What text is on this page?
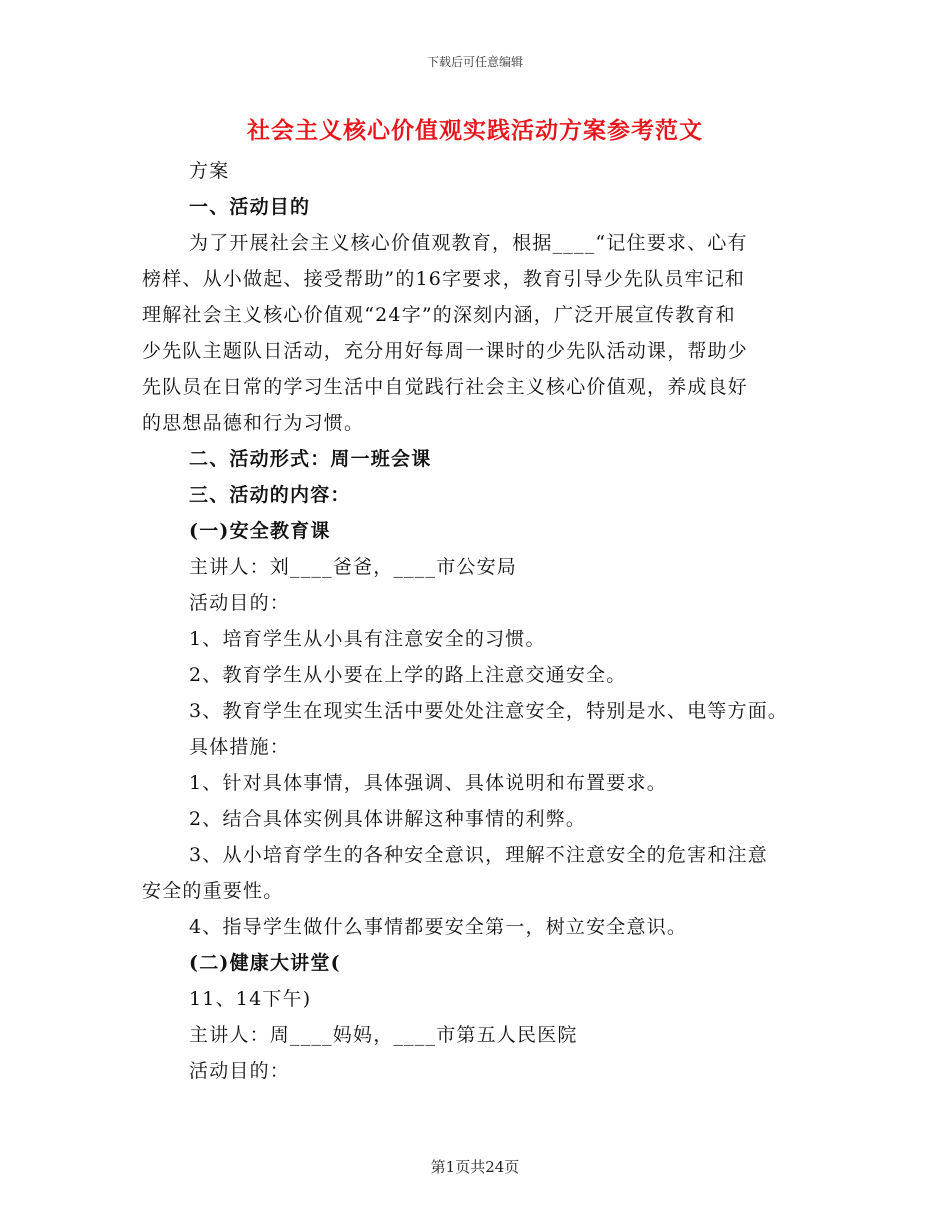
下载后可任意编辑
社会主义核心价值观实践活动方案参考范文

方案

一、活动目的

为了开展社会主义核心价值观教育，根据____“记住要求、心有

榜样、从小做起、接受帮助”的16字要求，教育引导少先队员牢记和

理解社会主义核心价值观“24字”的深刻内涵，广泛开展宣传教育和

少先队主题队日活动，充分用好每周一课时的少先队活动课，帮助少

先队员在日常的学习生活中自觉践行社会主义核心价值观，养成良好

的思想品德和行为习惯。

二、活动形式：周一班会课

三、活动的内容：

(一)安全教育课

主讲人：刘____爸爸，____市公安局

活动目的：

1、培育学生从小具有注意安全的习惯。

2、教育学生从小要在上学的路上注意交通安全。

3、教育学生在现实生活中要处处注意安全，特别是水、电等方面。

具体措施：

1、针对具体事情，具体强调、具体说明和布置要求。

2、结合具体实例具体讲解这种事情的利弊。

3、从小培育学生的各种安全意识，理解不注意安全的危害和注意

安全的重要性。

4、指导学生做什么事情都要安全第一，树立安全意识。

(二)健康大讲堂(

11、14下午)

主讲人：周____妈妈，____市第五人民医院

活动目的：

第1页共24页
